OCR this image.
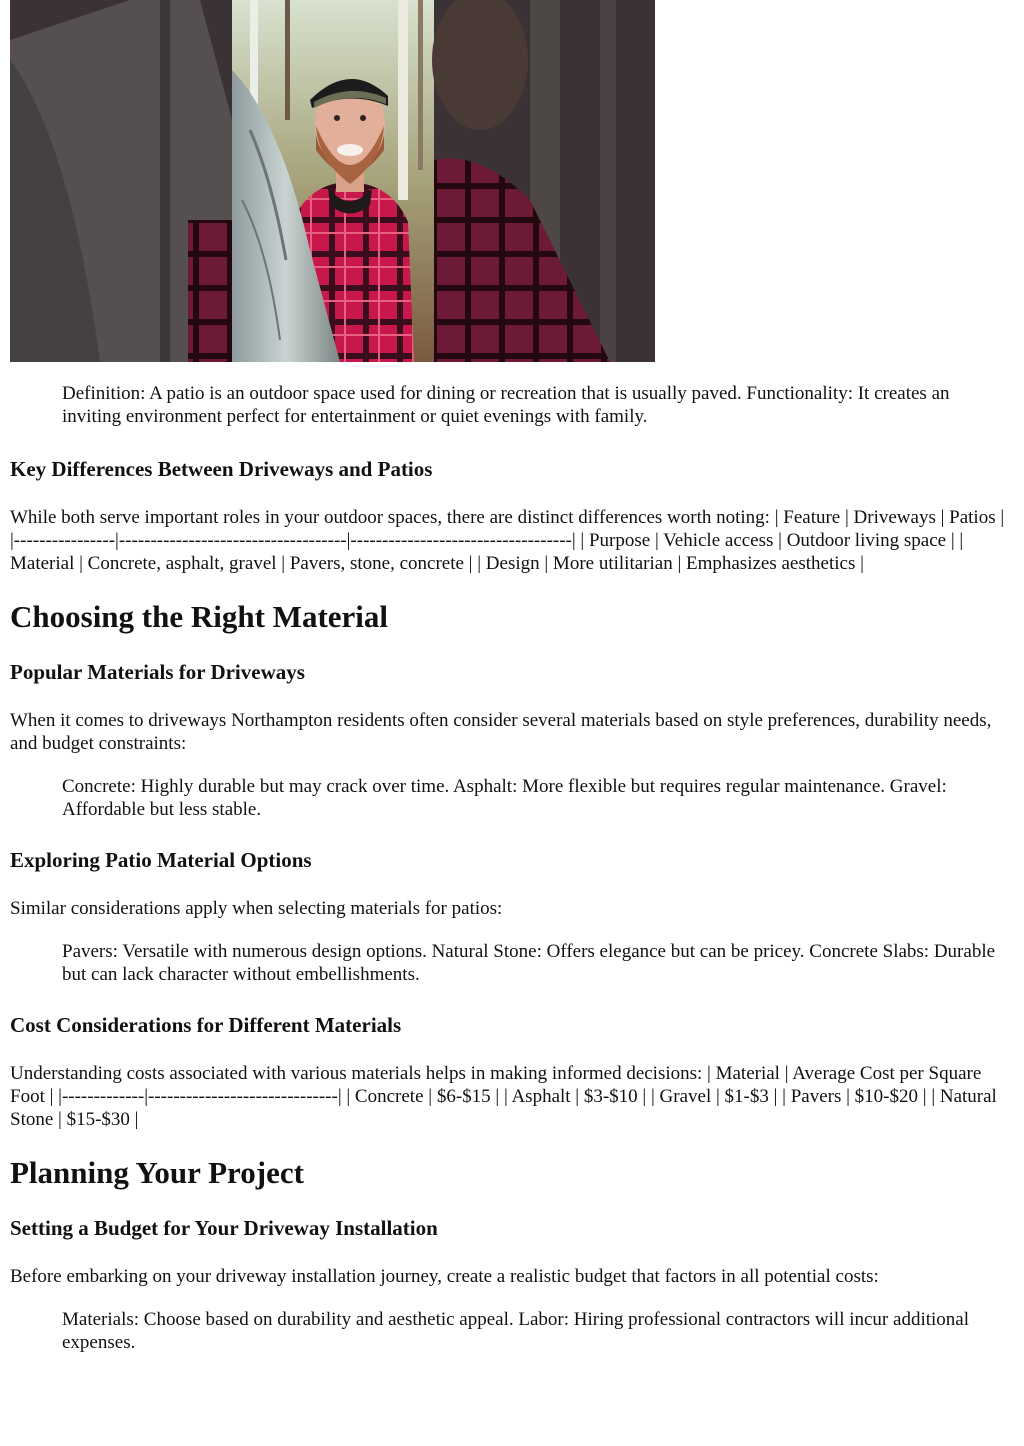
Definition: A patio is an outdoor space used for dining or recreation that is usually paved. Functionality: It creates an inviting environment perfect for entertainment or quiet evenings with family.
Key Differences Between Driveways and Patios

While both serve important roles in your outdoor spaces, there are distinct differences worth noting: | Feature | Driveways | Patios | |----------------|------------------------------------|-----------------------------------| | Purpose | Vehicle access | Outdoor living space | | Material | Concrete, asphalt, gravel | Pavers, stone, concrete | | Design | More utilitarian | Emphasizes aesthetics |

Choosing the Right Material
Popular Materials for Driveways

When it comes to driveways Northampton residents often consider several materials based on style preferences, durability needs, and budget constraints:

Concrete: Highly durable but may crack over time. Asphalt: More flexible but requires regular maintenance. Gravel: Affordable but less stable.
Exploring Patio Material Options

Similar considerations apply when selecting materials for patios:

Pavers: Versatile with numerous design options. Natural Stone: Offers elegance but can be pricey. Concrete Slabs: Durable but can lack character without embellishments.
Cost Considerations for Different Materials

Understanding costs associated with various materials helps in making informed decisions: | Material | Average Cost per Square Foot | |-------------|------------------------------| | Concrete | $6-$15 | | Asphalt | $3-$10 | | Gravel | $1-$3 | | Pavers | $10-$20 | | Natural Stone | $15-$30 |

Planning Your Project
Setting a Budget for Your Driveway Installation

Before embarking on your driveway installation journey, create a realistic budget that factors in all potential costs:

Materials: Choose based on durability and aesthetic appeal. Labor: Hiring professional contractors will incur additional expenses.
